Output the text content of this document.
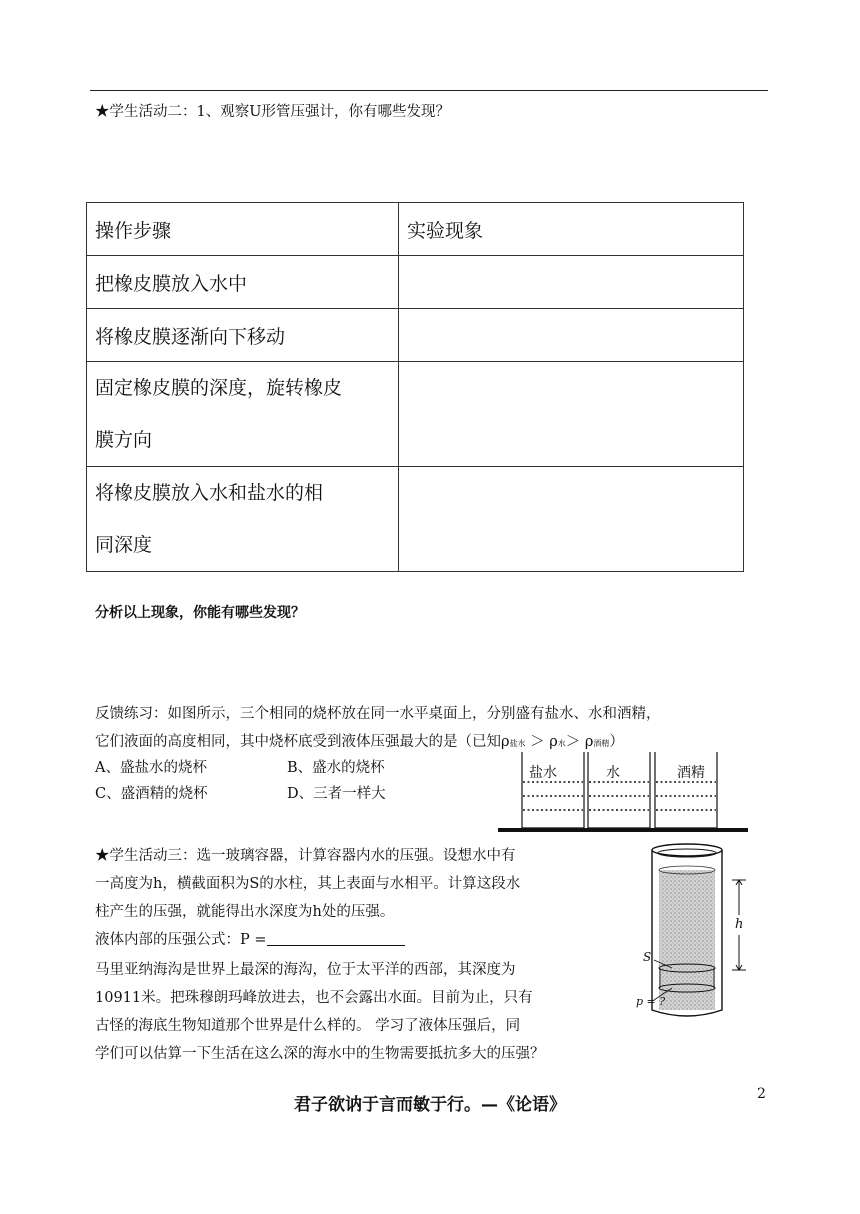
★学生活动二：1、观察U形管压强计，你有哪些发现？
操作步骤	实验现象
把橡皮膜放入水中	
将橡皮膜逐渐向下移动	

固定橡皮膜的深度，旋转橡皮
膜方向	

将橡皮膜放入水和盐水的相
同深度	

分析以上现象，你能有哪些发现？
反馈练习：如图所示，三个相同的烧杯放在同一水平桌面上，分别盛有盐水、水和酒精，
它们液面的高度相同，其中烧杯底受到液体压强最大的是（已知ρ盐水 ＞ ρ水＞ ρ酒精）
A、盛盐水的烧杯	B、盛水的烧杯
C、盛酒精的烧杯	D、三者一样大
盐水	水	酒精
★学生活动三：选一玻璃容器，计算容器内水的压强。设想水中有
一高度为h，横截面积为S的水柱，其上表面与水相平。计算这段水
柱产生的压强，就能得出水深度为h处的压强。
液体内部的压强公式：P =
马里亚纳海沟是世界上最深的海沟，位于太平洋的西部，其深度为
10911米。把珠穆朗玛峰放进去，也不会露出水面。目前为止，只有
古怪的海底生物知道那个世界是什么样的。 学习了液体压强后，同
学们可以估算一下生活在这么深的海水中的生物需要抵抗多大的压强？
h
S
p = ?
君子欲讷于言而敏于行。—《论语》
2
